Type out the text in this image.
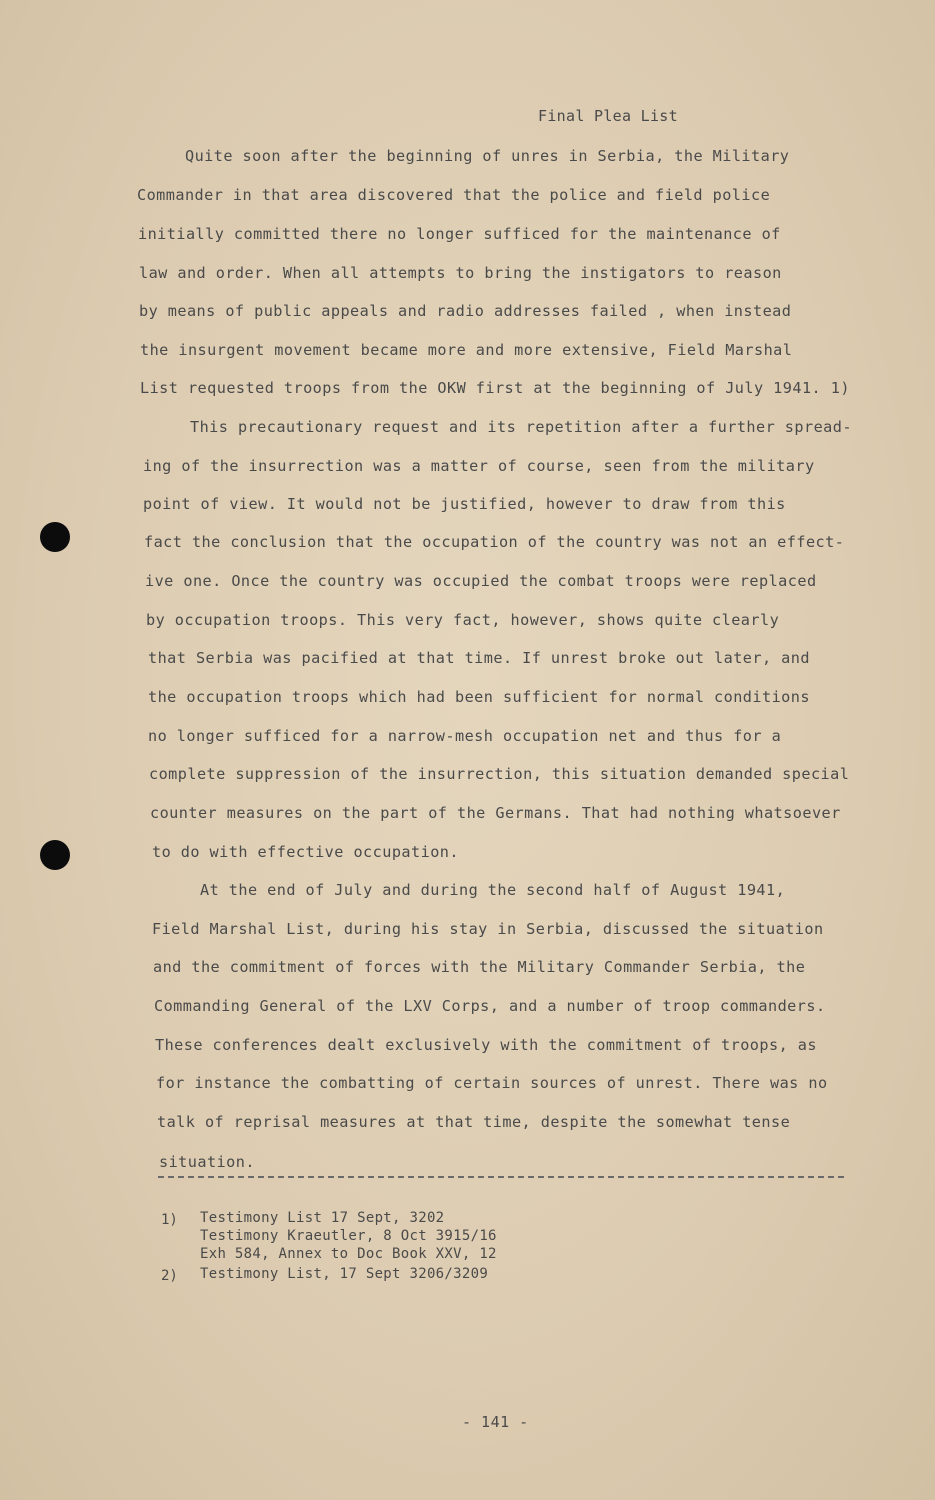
Final Plea List
Quite soon after the beginning of unres in Serbia, the Military
Commander in that area discovered that the police and field police
initially committed there no longer sufficed for the maintenance of
law and order. When all attempts to bring the instigators to reason
by means of public appeals and radio addresses failed , when instead
the insurgent movement became more and more extensive, Field Marshal
List requested troops from the OKW first at the beginning of July 1941. 1)
This precautionary request and its repetition after a further spread-
ing of the insurrection was a matter of course, seen from the military
point of view. It would not be justified, however to draw from this
fact the conclusion that the occupation of the country was not an effect-
ive one. Once the country was occupied the combat troops were replaced
by occupation troops. This very fact, however, shows quite clearly
that Serbia was pacified at that time. If unrest broke out later, and
the occupation troops which had been sufficient for normal conditions
no longer sufficed for a narrow-mesh occupation net and thus for a
complete suppression of the insurrection, this situation demanded special
counter measures on the part of the Germans. That had nothing whatsoever
to do with effective occupation.
At the end of July and during the second half of August 1941,
Field Marshal List, during his stay in Serbia, discussed the situation
and the commitment of forces with the Military Commander Serbia, the
Commanding General of the LXV Corps, and a number of troop commanders.
These conferences dealt exclusively with the commitment of troops, as
for instance the combatting of certain sources of unrest. There was no
talk of reprisal measures at that time, despite the somewhat tense
situation.
1) Testimony List 17 Sept, 3202
Testimony Kraeutler, 8 Oct 3915/16
Exh 584, Annex to Doc Book XXV, 12
2) Testimony List, 17 Sept 3206/3209
- 141 -
